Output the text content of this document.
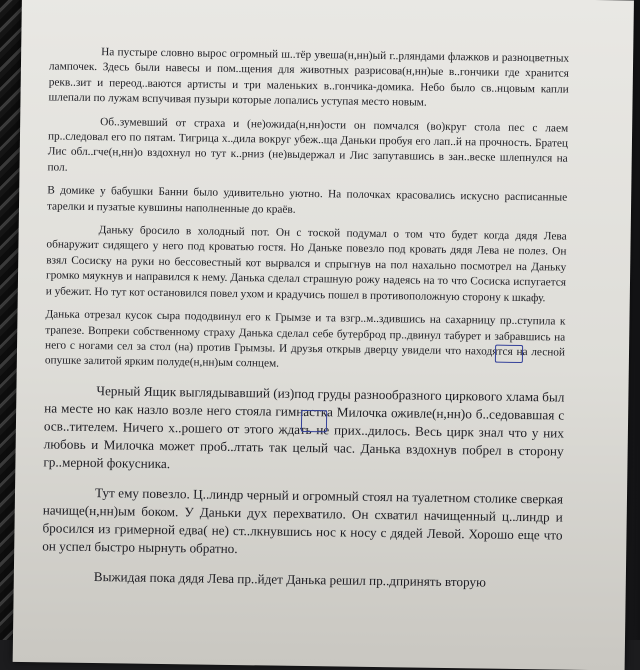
На пустыре словно вырос огромный ш..тёр увеша(н,нн)ый г..рляндами флажков и разноцветных лампочек. Здесь были навесы и пом..щения для животных разрисова(н,нн)ые в..гончики где хранится рекв..зит и переод..ваются артисты и три маленьких в..гончика-домика. Небо было св..нцовым капли шлепали по лужам вспучивая пузыри которые лопались уступая место новым.

Об..зумевший от страха и (не)ожида(н,нн)ости он помчался (во)круг стола пес с лаем пр..следовал его по пятам. Тигрица х..дила вокруг убеж..ща Даньки пробуя его лап..й на прочность. Братец Лис обл..гче(н,нн)о вздохнул но тут к..рниз (не)выдержал и Лис запутавшись в зан..веске шлепнулся на пол.

В домике у бабушки Банни было удивительно уютно. На полочках красовались искусно расписанные тарелки и пузатые кувшины наполненные до краёв.

Даньку бросило в холодный пот. Он с тоской подумал о том что будет когда дядя Лева обнаружит сидящего у него под кроватью гостя. Но Даньке повезло под кровать дядя Лева не полез. Он взял Сосиску на руки но бессовестный кот вырвался и спрыгнув на пол нахально посмотрел на Даньку громко мяукнув и направился к нему. Данька сделал страшную рожу надеясь на то что Сосиска испугается и убежит. Но тут кот остановился повел ухом и крадучись пошел в противоположную сторону к шкафу.

Данька отрезал кусок сыра пододвинул его к Грымзе и та взгр..м..здившись на сахарницу пр..ступила к трапезе. Вопреки собственному страху Данька сделал себе бутерброд пр..двинул табурет и забравшись на него с ногами сел за стол (на) против Грымзы. И друзья открыв дверцу увидели что находятся на лесной опушке залитой ярким полуде(н,нн)ым солнцем.

Черный Ящик выглядывавший (из)под груды разнообразного циркового хлама был на месте но как назло возле него стояла гимнастка Милочка оживле(н,нн)о б..седовавшая с осв..тителем. Ничего х..рошего от этого ждать не прих..дилось. Весь цирк знал что у них любовь и Милочка может проб..лтать так целый час. Данька вздохнув побрел в сторону гр..мерной фокусника.

Тут ему повезло. Ц..линдр черный и огромный стоял на туалетном столике сверкая начище(н,нн)ым боком. У Даньки дух перехватило. Он схватил начищенный ц..линдр и бросился из гримерной едва( не) ст..лкнувшись нос к носу с дядей Левой. Хорошо еще что он успел быстро нырнуть обратно.

Выжидая пока дядя Лева пр..йдет Данька решил пр..дпринять вторую
